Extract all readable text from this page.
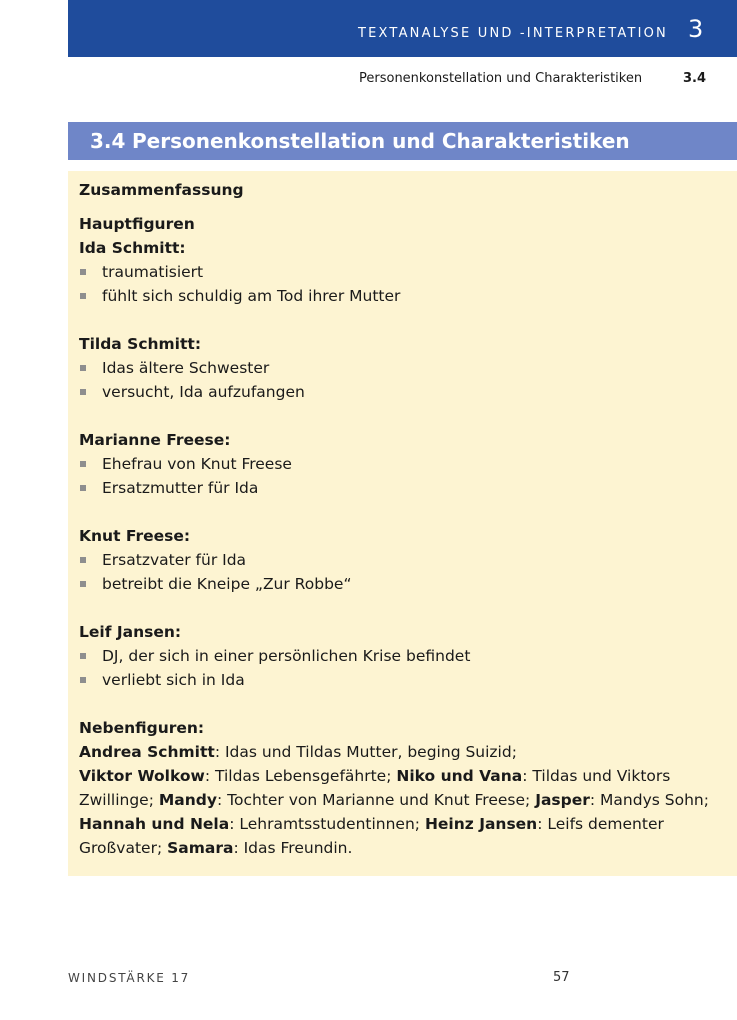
TEXTANALYSE UND -INTERPRETATION 3
Personenkonstellation und Charakteristiken	3.4
3.4 Personenkonstellation und Charakteristiken
Zusammenfassung
Hauptfiguren
Ida Schmitt:
traumatisiert
fühlt sich schuldig am Tod ihrer Mutter
Tilda Schmitt:
Idas ältere Schwester
versucht, Ida aufzufangen
Marianne Freese:
Ehefrau von Knut Freese
Ersatzmutter für Ida
Knut Freese:
Ersatzvater für Ida
betreibt die Kneipe „Zur Robbe“
Leif Jansen:
DJ, der sich in einer persönlichen Krise befindet
verliebt sich in Ida
Nebenfiguren:
Andrea Schmitt: Idas und Tildas Mutter, beging Suizid;
Viktor Wolkow: Tildas Lebensgefährte; Niko und Vana: Tildas und Viktors Zwillinge; Mandy: Tochter von Marianne und Knut Freese; Jasper: Mandys Sohn; Hannah und Nela: Lehramtsstudentinnen; Heinz Jansen: Leifs dementer Großvater; Samara: Idas Freundin.
WINDSTÄRKE 17	57
